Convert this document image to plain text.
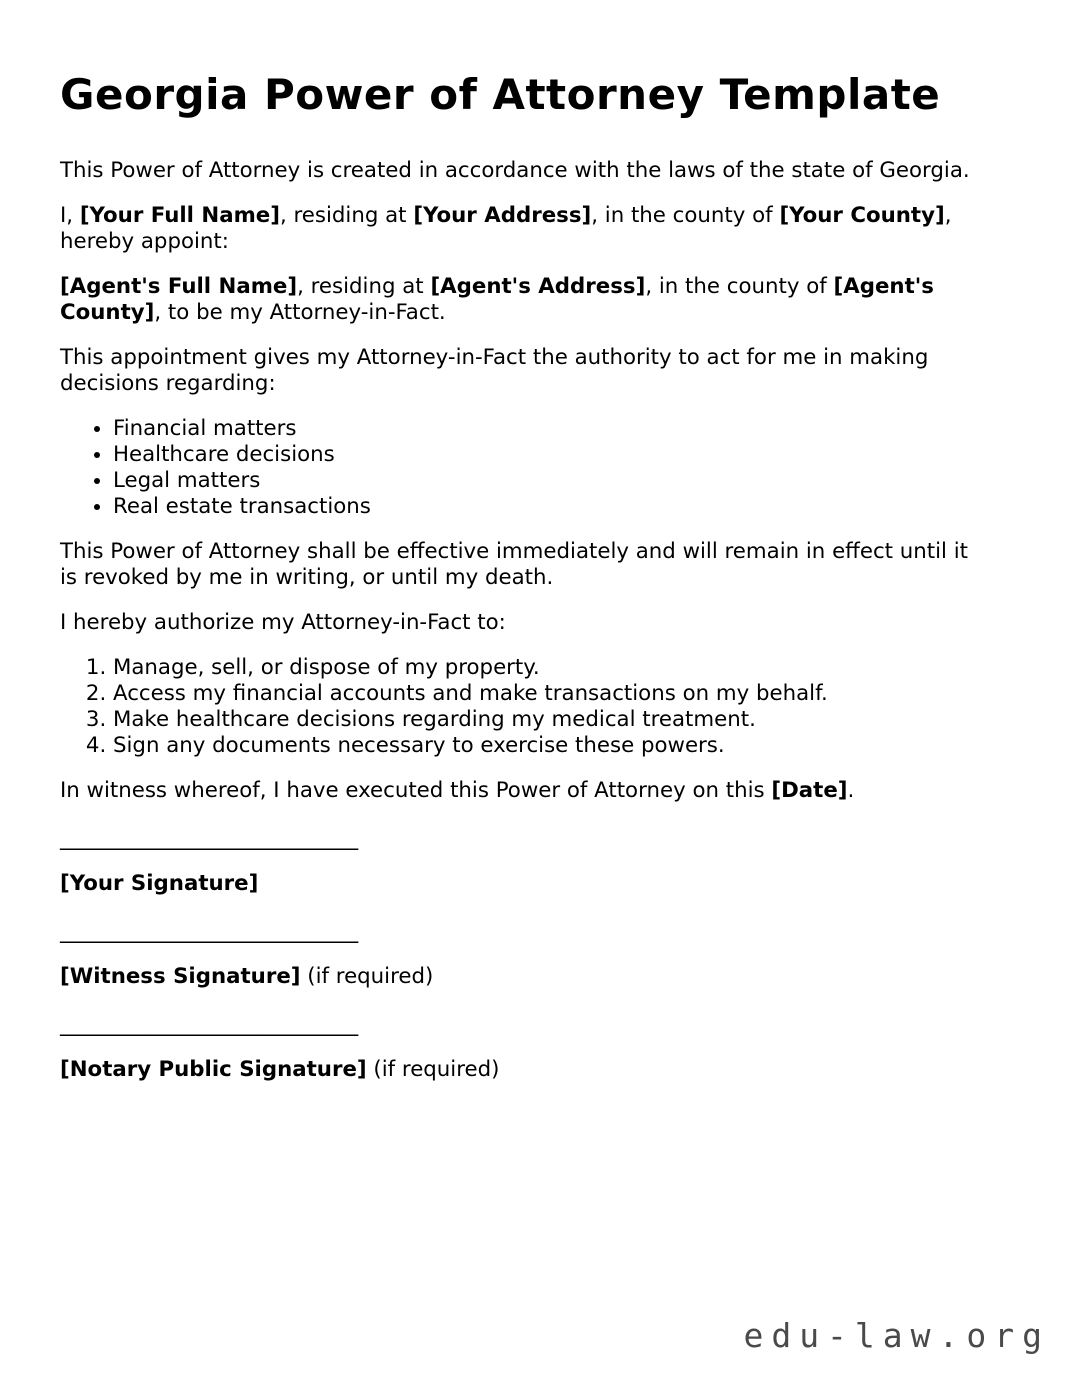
Georgia Power of Attorney Template

This Power of Attorney is created in accordance with the laws of the state of Georgia.

I, [Your Full Name], residing at [Your Address], in the county of [Your County], hereby appoint:

[Agent's Full Name], residing at [Agent's Address], in the county of [Agent's County], to be my Attorney-in-Fact.

This appointment gives my Attorney-in-Fact the authority to act for me in making decisions regarding:

• Financial matters
• Healthcare decisions
• Legal matters
• Real estate transactions

This Power of Attorney shall be effective immediately and will remain in effect until it is revoked by me in writing, or until my death.

I hereby authorize my Attorney-in-Fact to:

1. Manage, sell, or dispose of my property.
2. Access my financial accounts and make transactions on my behalf.
3. Make healthcare decisions regarding my medical treatment.
4. Sign any documents necessary to exercise these powers.

In witness whereof, I have executed this Power of Attorney on this [Date].

____________________________

[Your Signature]

____________________________

[Witness Signature] (if required)

____________________________

[Notary Public Signature] (if required)

edu-law.org
